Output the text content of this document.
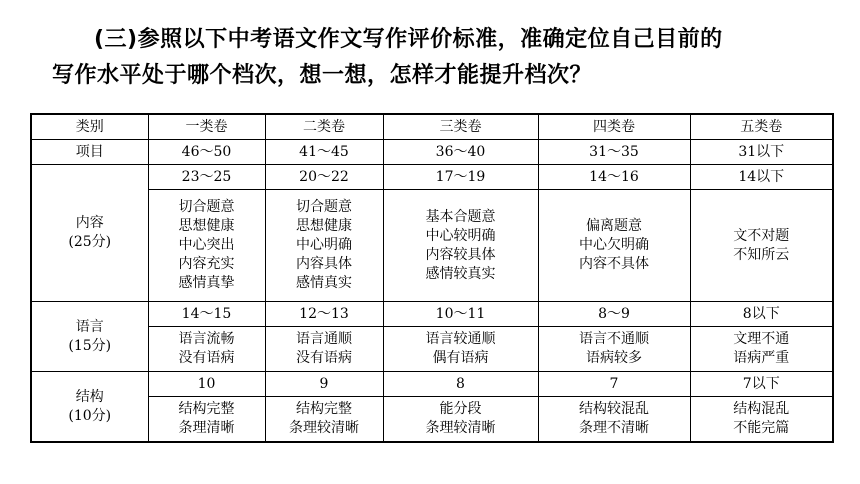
(三)参照以下中考语文作文写作评价标准，准确定位自己目前的
写作水平处于哪个档次，想一想，怎样才能提升档次？
类别	一类卷	二类卷	三类卷	四类卷	五类卷
项目	46～50	41～45	36～40	31～35	31以下

内容
(25分)	23～25	20～22	17～19	14～16	14以下

	切合题意
思想健康
中心突出
内容充实
感情真挚	切合题意
思想健康
中心明确
内容具体
感情真实	基本合题意
中心较明确
内容较具体
感情较真实	偏离题意
中心欠明确
内容不具体	文不对题
不知所云

语言
(15分)	14～15	12～13	10～11	8～9	8以下

	语言流畅
没有语病	语言通顺
没有语病	语言较通顺
偶有语病	语言不通顺
语病较多	文理不通
语病严重

结构
(10分)	10	9	8	7	7以下

	结构完整
条理清晰	结构完整
条理较清晰	能分段
条理较清晰	结构较混乱
条理不清晰	结构混乱
不能完篇
